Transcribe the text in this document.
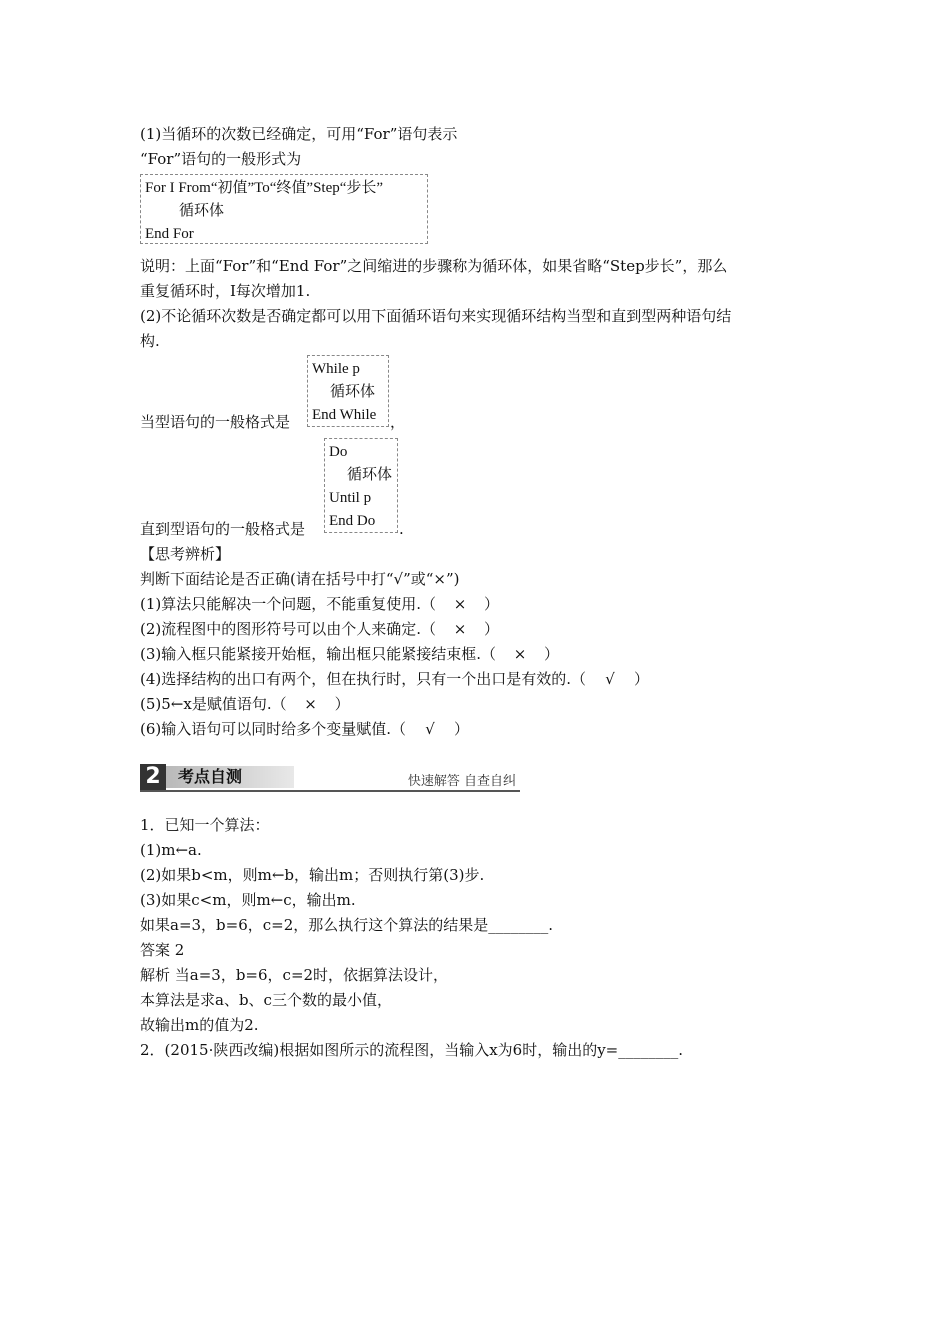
(1)当循环的次数已经确定，可用“For”语句表示
“For”语句的一般形式为
For I From“初值”To“终值”Step“步长”
循环体
End For
说明：上面“For”和“End For”之间缩进的步骤称为循环体，如果省略“Step步长”，那么
重复循环时，I每次增加1.
(2)不论循环次数是否确定都可以用下面循环语句来实现循环结构当型和直到型两种语句结
构.
当型语句的一般格式是
While p
循环体
End While ，
直到型语句的一般格式是
Do
循环体
Until p
End Do	.
【思考辨析】
判断下面结论是否正确(请在括号中打“√”或“×”)
(1)算法只能解决一个问题，不能重复使用.（ × ）
(2)流程图中的图形符号可以由个人来确定.（ × ）
(3)输入框只能紧接开始框，输出框只能紧接结束框.（ × ）
(4)选择结构的出口有两个，但在执行时，只有一个出口是有效的.（ √ ）
(5)5←x是赋值语句.（ × ）
(6)输入语句可以同时给多个变量赋值.（ √ ）
2	考点自测	快速解答 自查自纠
1．已知一个算法：
(1)m←a.
(2)如果b<m，则m←b，输出m；否则执行第(3)步.
(3)如果c<m，则m←c，输出m.
如果a=3，b=6，c=2，那么执行这个算法的结果是________.
答案 2
解析 当a=3，b=6，c=2时，依据算法设计，
本算法是求a、b、c三个数的最小值，
故输出m的值为2.
2．(2015·陕西改编)根据如图所示的流程图，当输入x为6时，输出的y=________.
